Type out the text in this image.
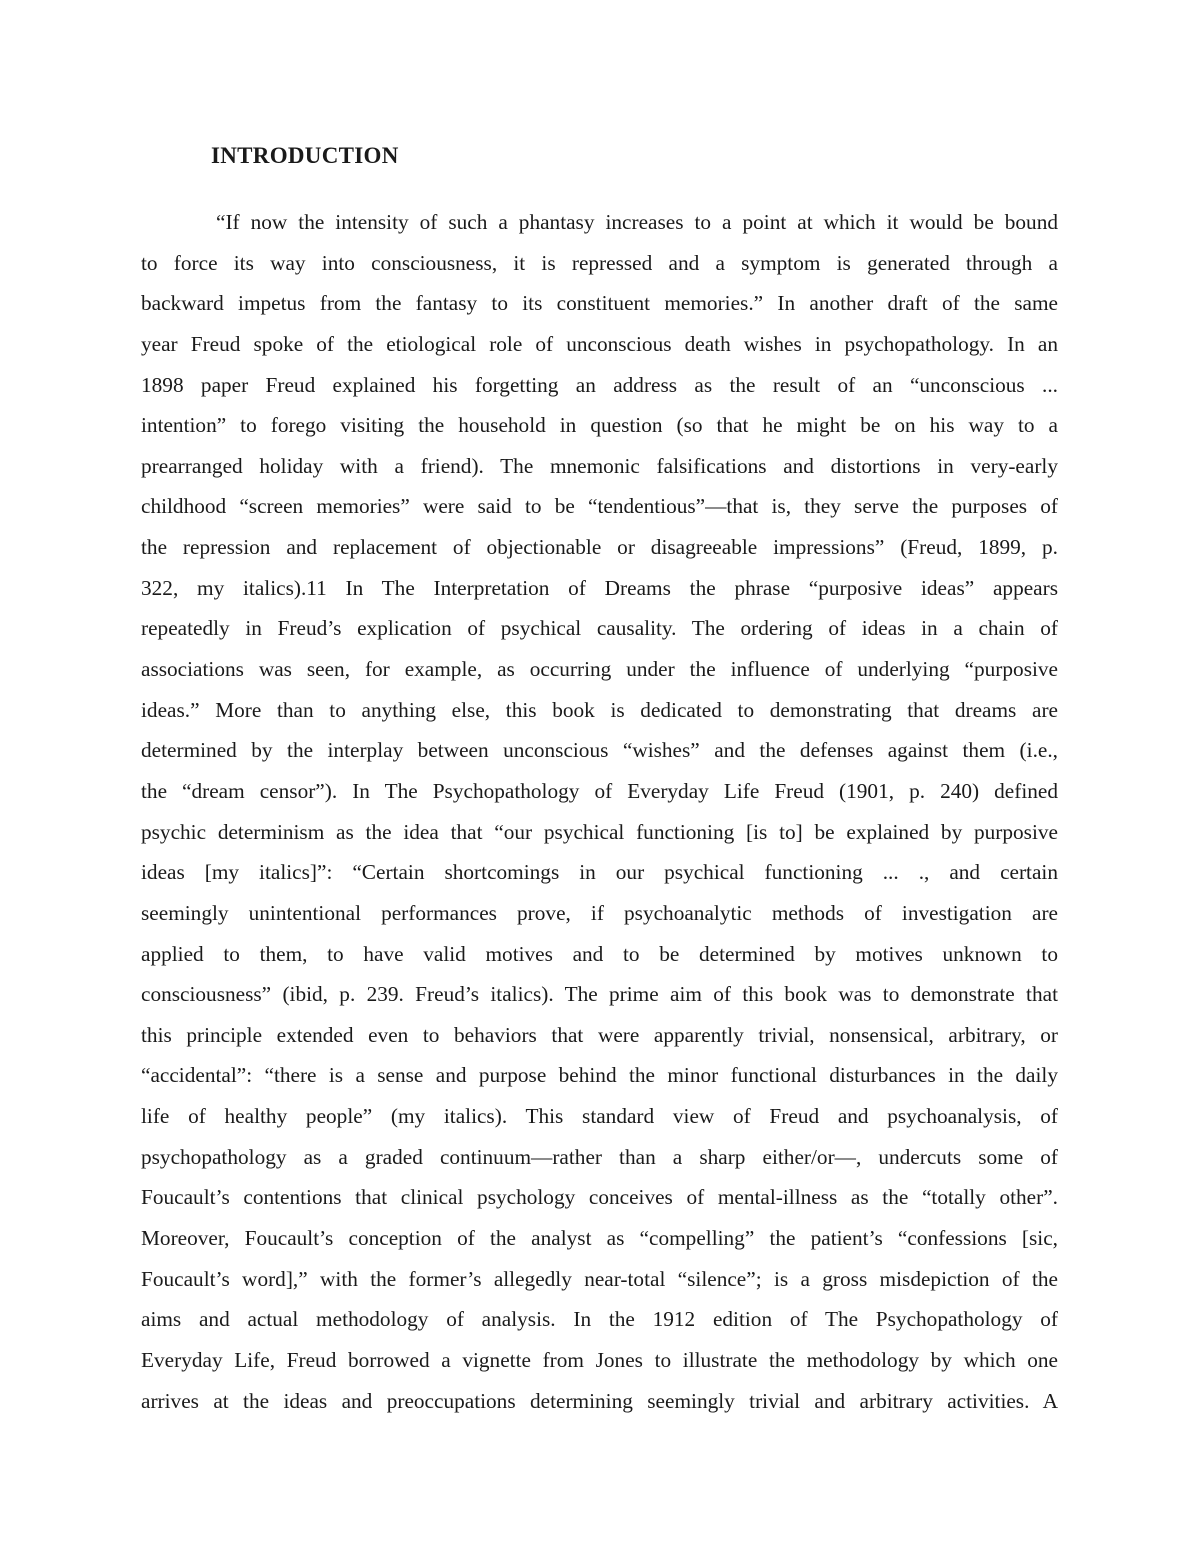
INTRODUCTION
“If now the intensity of such a phantasy increases to a point at which it would be bound
to force its way into consciousness, it is repressed and a symptom is generated through a
backward impetus from the fantasy to its constituent memories.” In another draft of the same
year Freud spoke of the etiological role of unconscious death wishes in psychopathology. In an
1898 paper Freud explained his forgetting an address as the result of an “unconscious ...
intention” to forego visiting the household in question (so that he might be on his way to a
prearranged holiday with a friend). The mnemonic falsifications and distortions in very-early
childhood “screen memories” were said to be “tendentious”—that is, they serve the purposes of
the repression and replacement of objectionable or disagreeable impressions” (Freud, 1899, p.
322, my italics).11 In The Interpretation of Dreams the phrase “purposive ideas” appears
repeatedly in Freud’s explication of psychical causality. The ordering of ideas in a chain of
associations was seen, for example, as occurring under the influence of underlying “purposive
ideas.” More than to anything else, this book is dedicated to demonstrating that dreams are
determined by the interplay between unconscious “wishes” and the defenses against them (i.e.,
the “dream censor”). In The Psychopathology of Everyday Life Freud (1901, p. 240) defined
psychic determinism as the idea that “our psychical functioning [is to] be explained by purposive
ideas [my italics]”: “Certain shortcomings in our psychical functioning ... ., and certain
seemingly unintentional performances prove, if psychoanalytic methods of investigation are
applied to them, to have valid motives and to be determined by motives unknown to
consciousness” (ibid, p. 239. Freud’s italics). The prime aim of this book was to demonstrate that
this principle extended even to behaviors that were apparently trivial, nonsensical, arbitrary, or
“accidental”: “there is a sense and purpose behind the minor functional disturbances in the daily
life of healthy people” (my italics). This standard view of Freud and psychoanalysis, of
psychopathology as a graded continuum—rather than a sharp either/or—, undercuts some of
Foucault’s contentions that clinical psychology conceives of mental-illness as the “totally other”.
Moreover, Foucault’s conception of the analyst as “compelling” the patient’s “confessions [sic,
Foucault’s word],” with the former’s allegedly near-total “silence”; is a gross misdepiction of the
aims and actual methodology of analysis. In the 1912 edition of The Psychopathology of
Everyday Life, Freud borrowed a vignette from Jones to illustrate the methodology by which one
arrives at the ideas and preoccupations determining seemingly trivial and arbitrary activities. A
